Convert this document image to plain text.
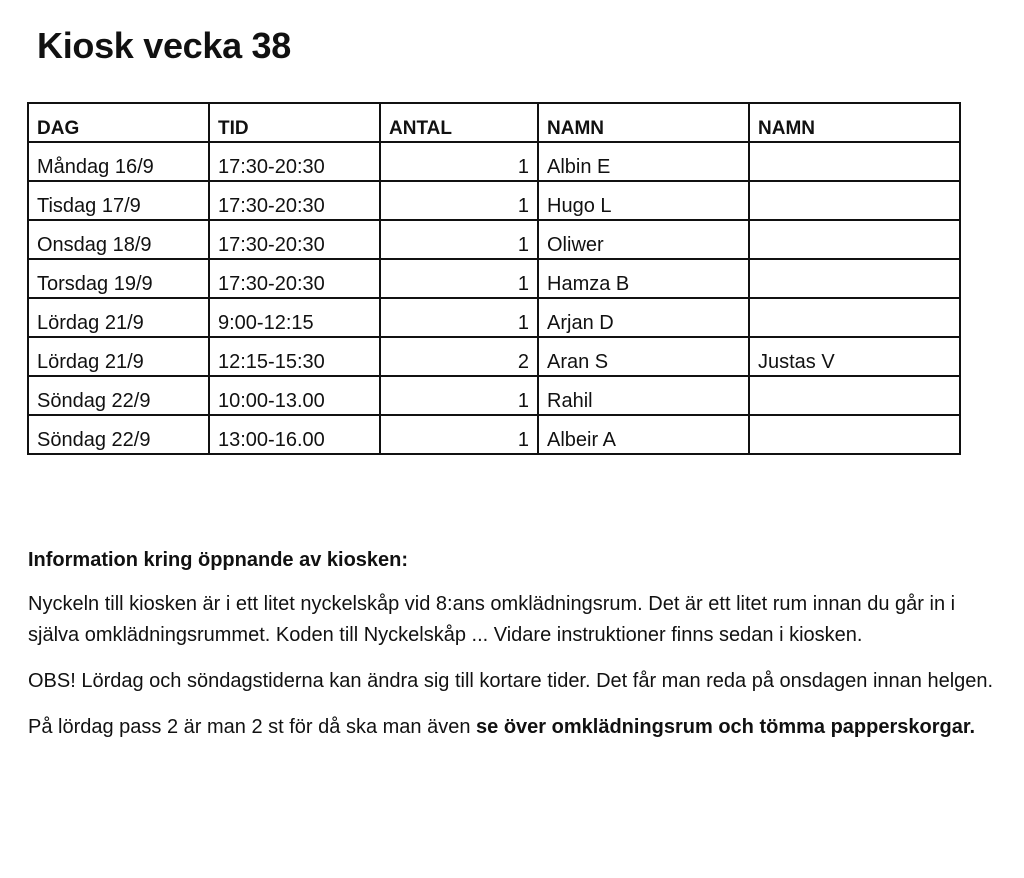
Kiosk vecka 38
DAG	TID	ANTAL	NAMN	NAMN
Måndag 16/9	17:30-20:30	1	Albin E	
Tisdag 17/9	17:30-20:30	1	Hugo L	
Onsdag 18/9	17:30-20:30	1	Oliwer	
Torsdag 19/9	17:30-20:30	1	Hamza B	
Lördag 21/9	9:00-12:15	1	Arjan D	
Lördag 21/9	12:15-15:30	2	Aran S	Justas V
Söndag 22/9	10:00-13.00	1	Rahil	
Söndag 22/9	13:00-16.00	1	Albeir A	

Information kring öppnande av kiosken:

Nyckeln till kiosken är i ett litet nyckelskåp vid 8:ans omklädningsrum. Det är ett litet rum innan du går in i själva omklädningsrummet. Koden till Nyckelskåp ... Vidare instruktioner finns sedan i kiosken.

OBS! Lördag och söndagstiderna kan ändra sig till kortare tider. Det får man reda på onsdagen innan helgen.

På lördag pass 2 är man 2 st för då ska man även se över omklädningsrum och tömma papperskorgar.
